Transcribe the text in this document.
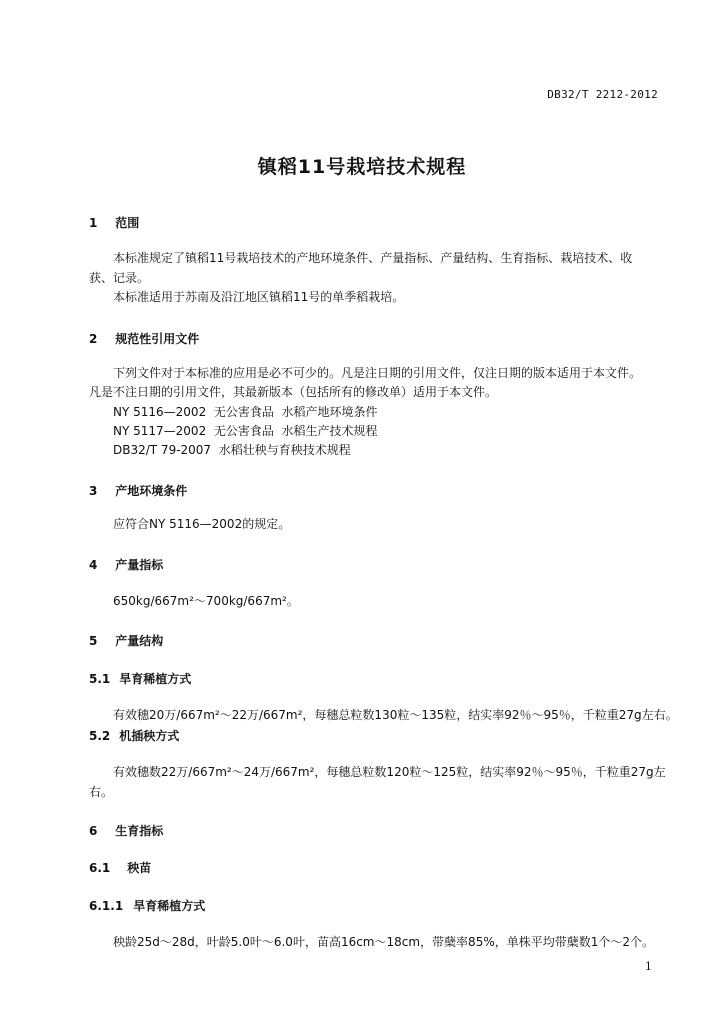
DB32/T 2212-2012
镇稻11号栽培技术规程
1 范围
本标准规定了镇稻11号栽培技术的产地环境条件、产量指标、产量结构、生育指标、栽培技术、收
获、记录。
本标准适用于苏南及沿江地区镇稻11号的单季稻栽培。
2 规范性引用文件
下列文件对于本标准的应用是必不可少的。凡是注日期的引用文件，仅注日期的版本适用于本文件。
凡是不注日期的引用文件，其最新版本（包括所有的修改单）适用于本文件。
NY 5116—2002  无公害食品  水稻产地环境条件
NY 5117—2002  无公害食品  水稻生产技术规程
DB32/T 79-2007  水稻壮秧与育秧技术规程
3 产地环境条件
应符合NY 5116—2002的规定。
4 产量指标
650kg/667m²～700kg/667m²。
5 产量结构
5.1 旱育稀植方式
有效穗20万/667m²～22万/667m²，每穗总粒数130粒～135粒，结实率92％～95％，千粒重27g左右。
5.2 机插秧方式
有效穗数22万/667m²～24万/667m²，每穗总粒数120粒～125粒，结实率92％～95％，千粒重27g左
右。
6 生育指标
6.1 秧苗
6.1.1 旱育稀植方式
秧龄25d～28d，叶龄5.0叶～6.0叶，苗高16cm～18cm，带蘖率85%，单株平均带蘖数1个～2个。
1
